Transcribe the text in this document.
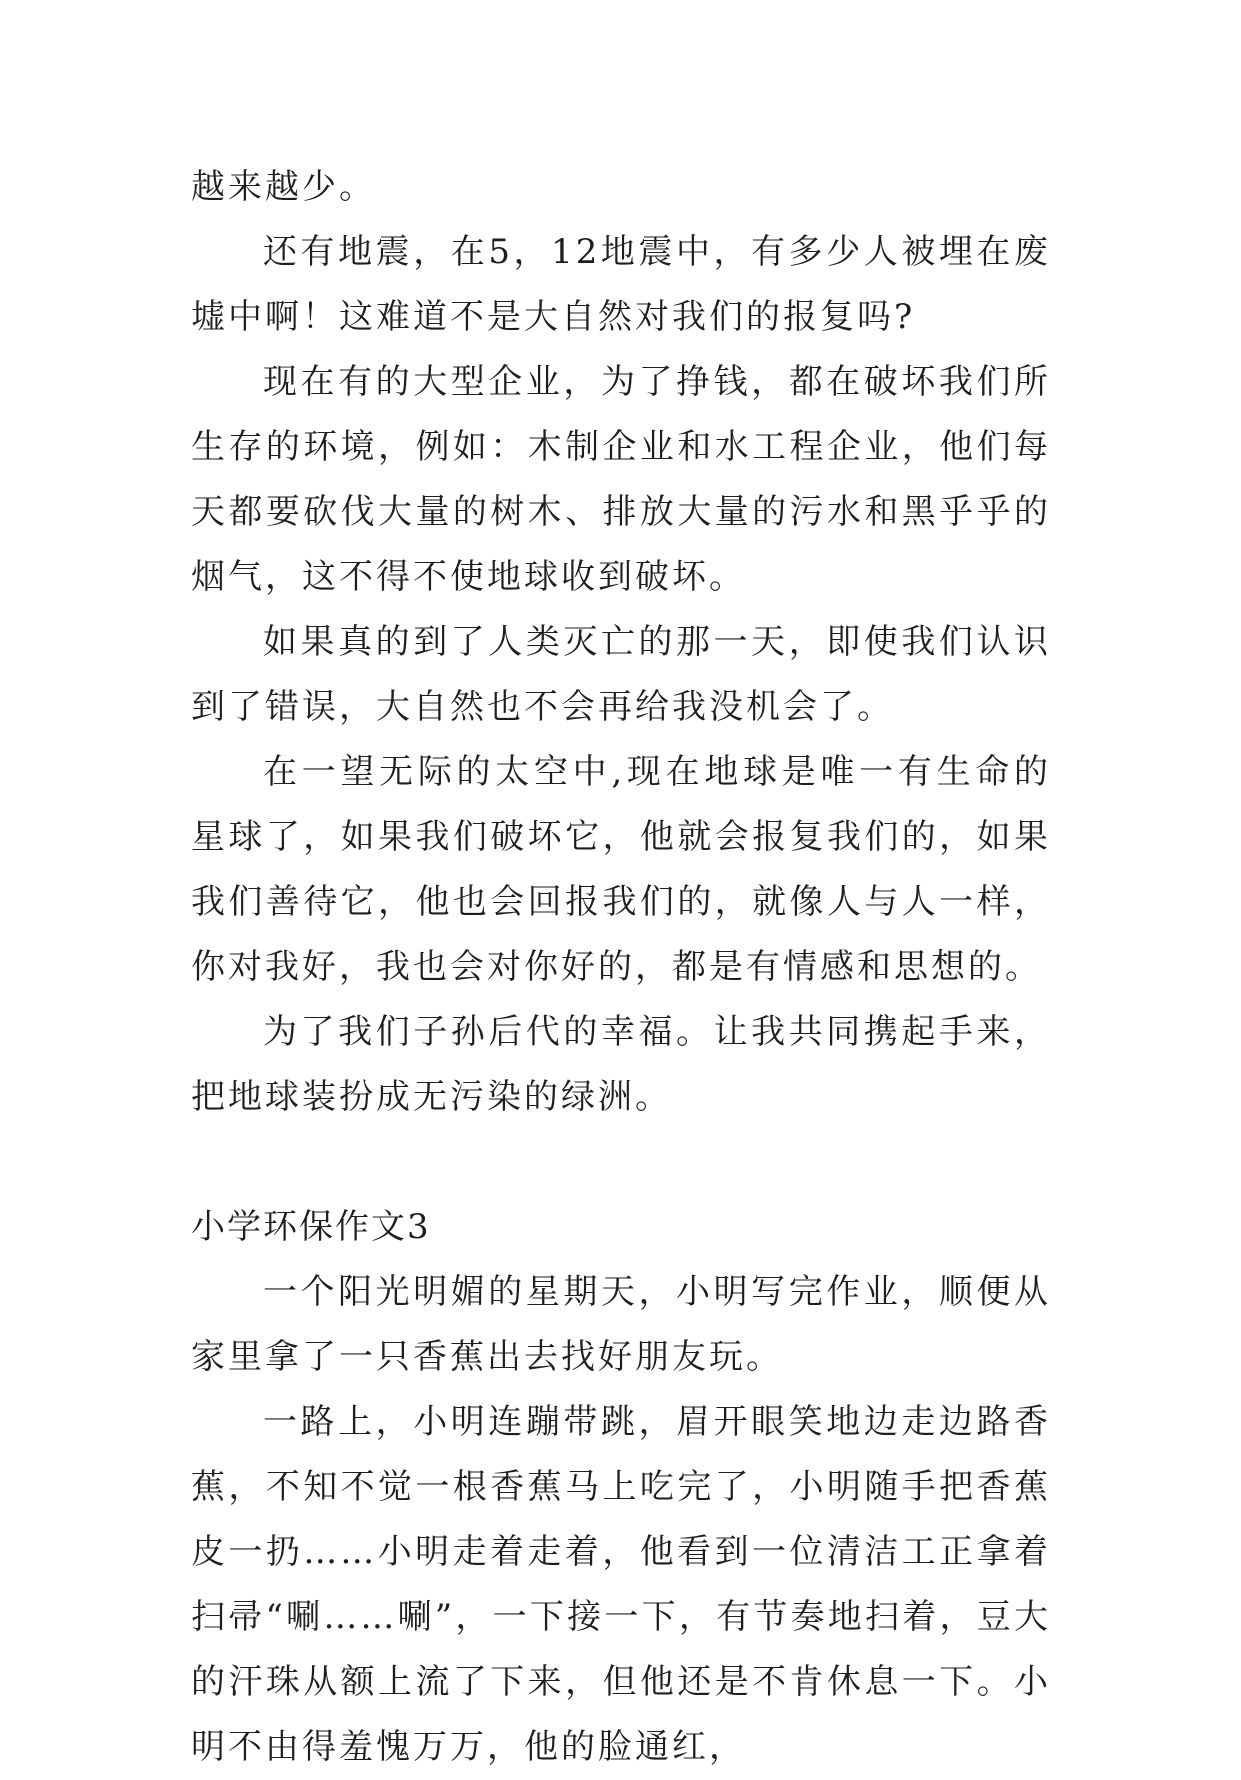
越来越少。

还有地震，在5，12地震中，有多少人被埋在废墟中啊！这难道不是大自然对我们的报复吗?

现在有的大型企业，为了挣钱，都在破坏我们所生存的环境，例如：木制企业和水工程企业，他们每天都要砍伐大量的树木、排放大量的污水和黑乎乎的烟气，这不得不使地球收到破坏。

如果真的到了人类灭亡的那一天，即使我们认识到了错误，大自然也不会再给我没机会了。

在一望无际的太空中,现在地球是唯一有生命的星球了，如果我们破坏它，他就会报复我们的，如果我们善待它，他也会回报我们的，就像人与人一样，你对我好，我也会对你好的，都是有情感和思想的。

为了我们子孙后代的幸福。让我共同携起手来，把地球装扮成无污染的绿洲。

小学环保作文3

一个阳光明媚的星期天，小明写完作业，顺便从家里拿了一只香蕉出去找好朋友玩。

一路上，小明连蹦带跳，眉开眼笑地边走边路香蕉，不知不觉一根香蕉马上吃完了，小明随手把香蕉皮一扔……小明走着走着，他看到一位清洁工正拿着扫帚“唰……唰”，一下接一下，有节奏地扫着，豆大的汗珠从额上流了下来，但他还是不肯休息一下。小明不由得羞愧万万，他的脸通红，
